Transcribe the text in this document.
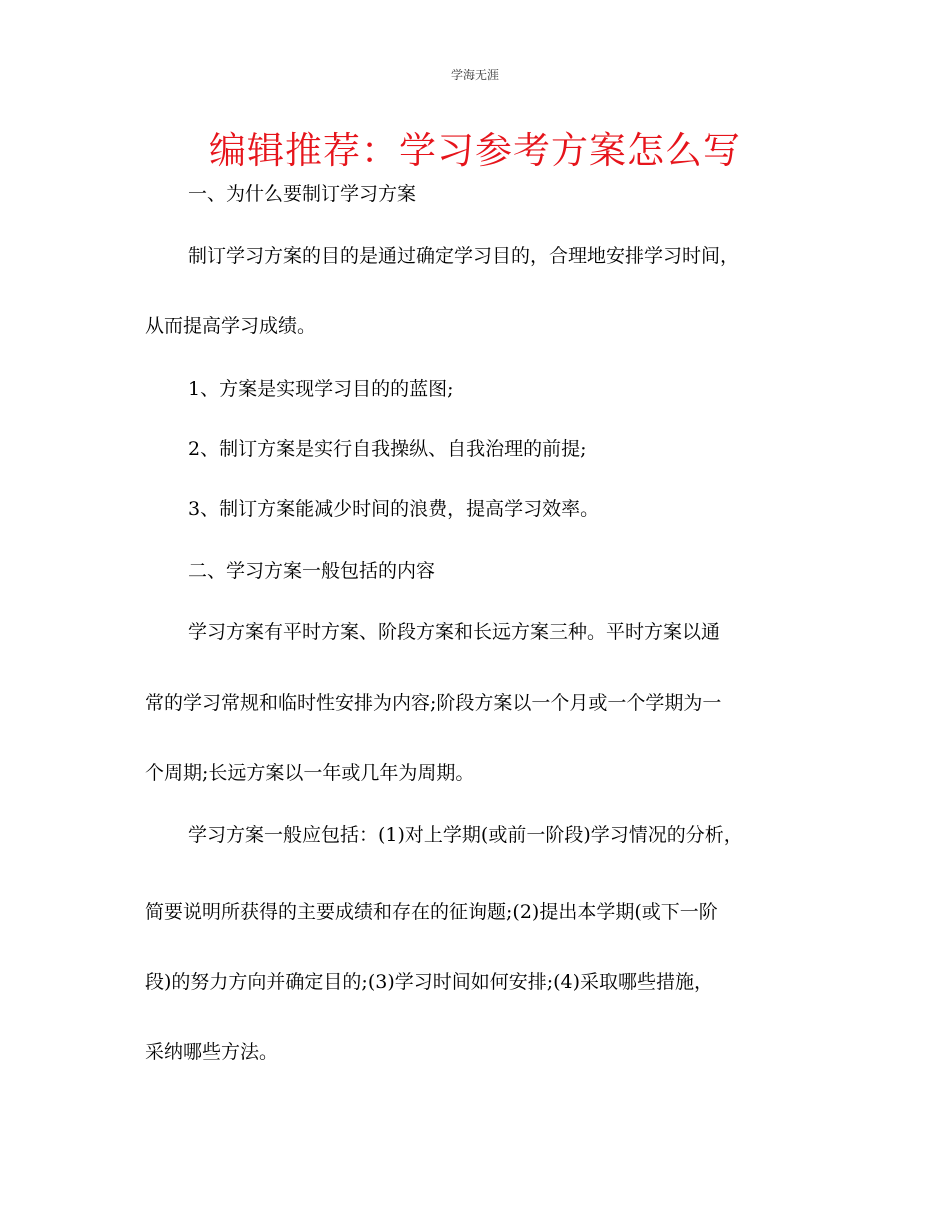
学海无涯
编辑推荐：学习参考方案怎么写
一、为什么要制订学习方案
制订学习方案的目的是通过确定学习目的，合理地安排学习时间，
从而提高学习成绩。
1、方案是实现学习目的的蓝图;
2、制订方案是实行自我操纵、自我治理的前提;
3、制订方案能减少时间的浪费，提高学习效率。
二、学习方案一般包括的内容
学习方案有平时方案、阶段方案和长远方案三种。平时方案以通
常的学习常规和临时性安排为内容;阶段方案以一个月或一个学期为一
个周期;长远方案以一年或几年为周期。
学习方案一般应包括：(1)对上学期(或前一阶段)学习情况的分析，
简要说明所获得的主要成绩和存在的征询题;(2)提出本学期(或下一阶
段)的努力方向并确定目的;(3)学习时间如何安排;(4)采取哪些措施，
采纳哪些方法。
